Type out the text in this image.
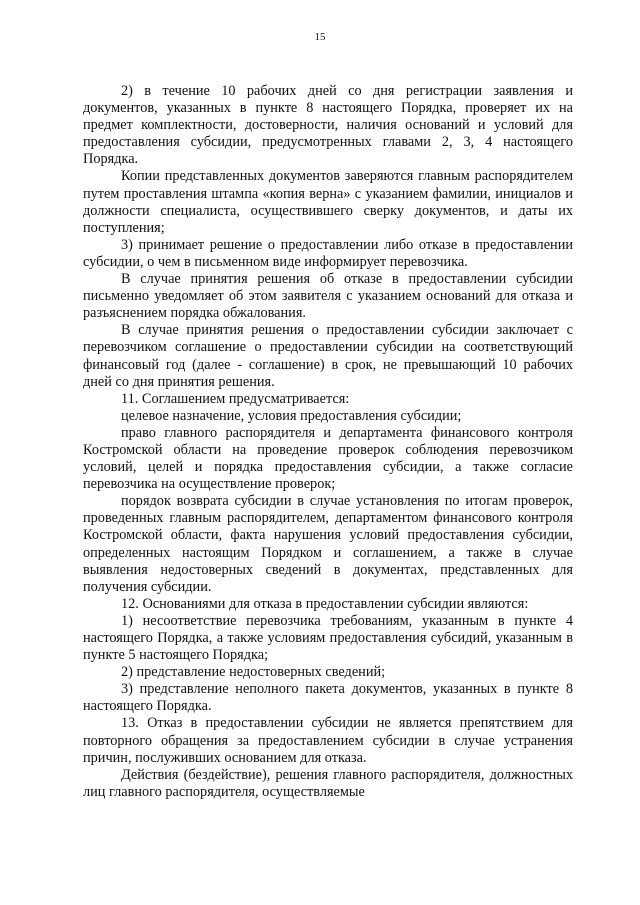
15

2) в течение 10 рабочих дней со дня регистрации заявления и документов, указанных в пункте 8 настоящего Порядка, проверяет их на предмет комплектности, достоверности, наличия оснований и условий для предоставления субсидии, предусмотренных главами 2, 3, 4 настоящего Порядка.

Копии представленных документов заверяются главным распорядителем путем проставления штампа «копия верна» с указанием фамилии, инициалов и должности специалиста, осуществившего сверку документов, и даты их поступления;

3) принимает решение о предоставлении либо отказе в предоставлении субсидии, о чем в письменном виде информирует перевозчика.

В случае принятия решения об отказе в предоставлении субсидии письменно уведомляет об этом заявителя с указанием оснований для отказа и разъяснением порядка обжалования.

В случае принятия решения о предоставлении субсидии заключает с перевозчиком соглашение о предоставлении субсидии на соответствующий финансовый год (далее - соглашение) в срок, не превышающий 10 рабочих дней со дня принятия решения.

11. Соглашением предусматривается:

целевое назначение, условия предоставления субсидии;

право главного распорядителя и департамента финансового контроля Костромской области на проведение проверок соблюдения перевозчиком условий, целей и порядка предоставления субсидии, а также согласие перевозчика на осуществление проверок;

порядок возврата субсидии в случае установления по итогам проверок, проведенных главным распорядителем, департаментом финансового контроля Костромской области, факта нарушения условий предоставления субсидии, определенных настоящим Порядком и соглашением, а также в случае выявления недостоверных сведений в документах, представленных для получения субсидии.

12. Основаниями для отказа в предоставлении субсидии являются:

1) несоответствие перевозчика требованиям, указанным в пункте 4 настоящего Порядка, а также условиям предоставления субсидий, указанным в пункте 5 настоящего Порядка;

2) представление недостоверных сведений;

3) представление неполного пакета документов, указанных в пункте 8 настоящего Порядка.

13. Отказ в предоставлении субсидии не является препятствием для повторного обращения за предоставлением субсидии в случае устранения причин, послуживших основанием для отказа.

Действия (бездействие), решения главного распорядителя, должностных лиц главного распорядителя, осуществляемые
